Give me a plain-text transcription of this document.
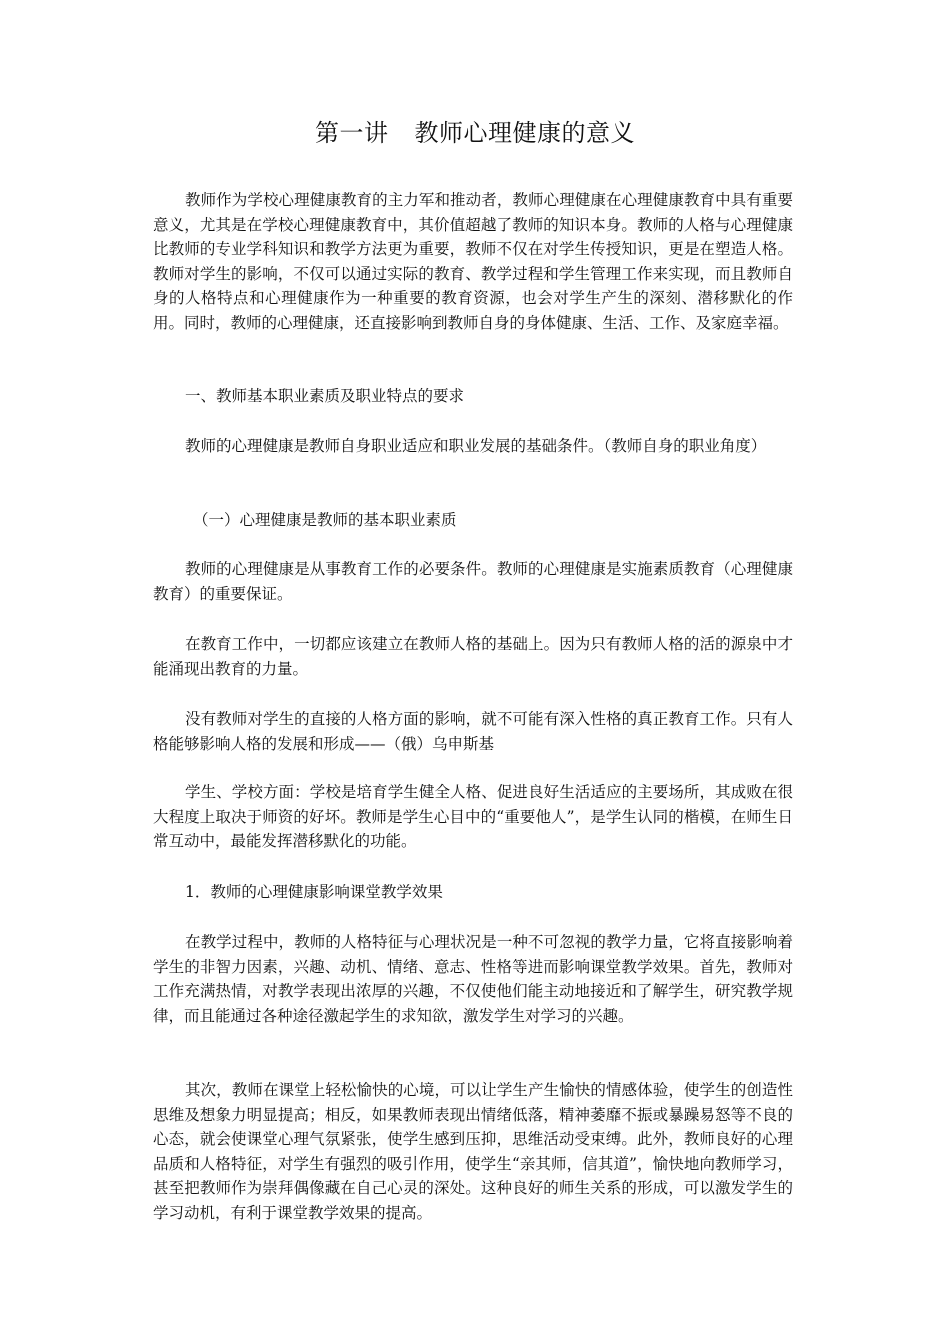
第一讲 教师心理健康的意义

教师作为学校心理健康教育的主力军和推动者，教师心理健康在心理健康教育中具有重要意义，尤其是在学校心理健康教育中，其价值超越了教师的知识本身。教师的人格与心理健康比教师的专业学科知识和教学方法更为重要，教师不仅在对学生传授知识，更是在塑造人格。教师对学生的影响，不仅可以通过实际的教育、教学过程和学生管理工作来实现，而且教师自身的人格特点和心理健康作为一种重要的教育资源，也会对学生产生的深刻、潜移默化的作用。同时，教师的心理健康，还直接影响到教师自身的身体健康、生活、工作、及家庭幸福。

一、教师基本职业素质及职业特点的要求

教师的心理健康是教师自身职业适应和职业发展的基础条件。（教师自身的职业角度）

（一）心理健康是教师的基本职业素质

教师的心理健康是从事教育工作的必要条件。教师的心理健康是实施素质教育（心理健康教育）的重要保证。

在教育工作中，一切都应该建立在教师人格的基础上。因为只有教师人格的活的源泉中才能涌现出教育的力量。

没有教师对学生的直接的人格方面的影响，就不可能有深入性格的真正教育工作。只有人格能够影响人格的发展和形成——（俄）乌申斯基

学生、学校方面：学校是培育学生健全人格、促进良好生活适应的主要场所，其成败在很大程度上取决于师资的好坏。教师是学生心目中的“重要他人”，是学生认同的楷模，在师生日常互动中，最能发挥潜移默化的功能。

1．教师的心理健康影响课堂教学效果

在教学过程中，教师的人格特征与心理状况是一种不可忽视的教学力量，它将直接影响着学生的非智力因素，兴趣、动机、情绪、意志、性格等进而影响课堂教学效果。首先，教师对工作充满热情，对教学表现出浓厚的兴趣，不仅使他们能主动地接近和了解学生，研究教学规律，而且能通过各种途径激起学生的求知欲，激发学生对学习的兴趣。

其次，教师在课堂上轻松愉快的心境，可以让学生产生愉快的情感体验，使学生的创造性思维及想象力明显提高；相反，如果教师表现出情绪低落，精神萎靡不振或暴躁易怒等不良的心态，就会使课堂心理气氛紧张，使学生感到压抑，思维活动受束缚。此外，教师良好的心理品质和人格特征，对学生有强烈的吸引作用，使学生“亲其师，信其道”，愉快地向教师学习，甚至把教师作为崇拜偶像藏在自己心灵的深处。这种良好的师生关系的形成，可以激发学生的学习动机，有利于课堂教学效果的提高。
